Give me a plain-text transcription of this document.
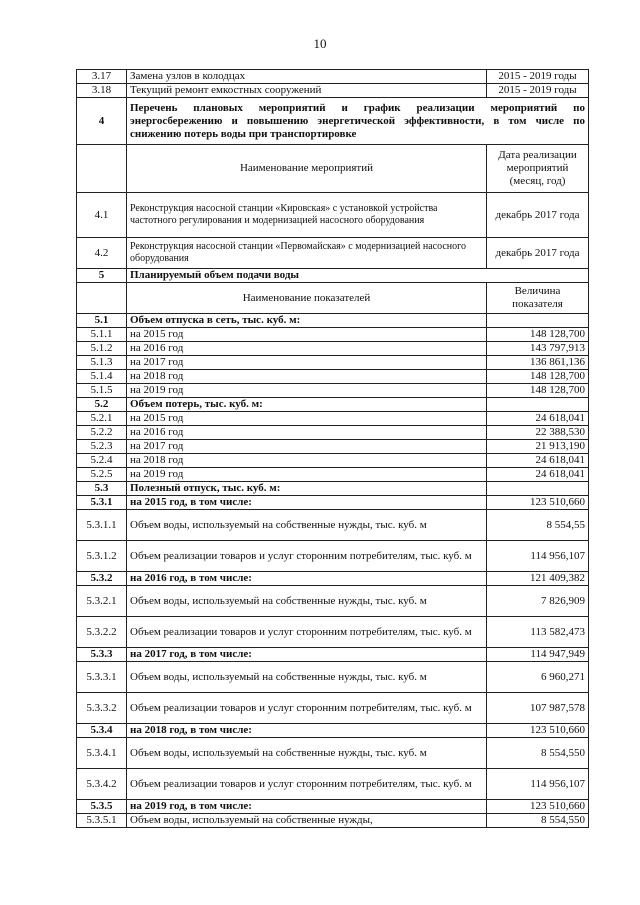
10
3.17	Замена узлов в колодцах	2015 - 2019 годы
3.18	Текущий ремонт емкостных сооружений	2015 - 2019 годы
4	Перечень плановых мероприятий и график реализации мероприятий по энергосбережению и повышению энергетической эффективности, в том числе по снижению потерь воды при транспортировке	
	Наименование мероприятий	Дата реализации мероприятий (месяц, год)
4.1	Реконструкция насосной станции «Кировская» с установкой устройства частотного регулирования и модернизацией насосного оборудования	декабрь 2017 года
4.2	Реконструкция насосной станции «Первомайская» с модернизацией насосного оборудования	декабрь 2017 года
5	Планируемый объем подачи воды	
	Наименование показателей	Величина показателя
5.1	Объем отпуска в сеть, тыс. куб. м:	
5.1.1	на 2015 год	148 128,700
5.1.2	на 2016 год	143 797,913
5.1.3	на 2017 год	136 861,136
5.1.4	на 2018 год	148 128,700
5.1.5	на 2019 год	148 128,700
5.2	Объем потерь, тыс. куб. м:	
5.2.1	на 2015 год	24 618,041
5.2.2	на 2016 год	22 388,530
5.2.3	на 2017 год	21 913,190
5.2.4	на 2018 год	24 618,041
5.2.5	на 2019 год	24 618,041
5.3	Полезный отпуск, тыс. куб. м:	
5.3.1	на 2015 год, в том числе:	123 510,660
5.3.1.1	Объем воды, используемый на собственные нужды, тыс. куб. м	8 554,55
5.3.1.2	Объем реализации товаров и услуг сторонним потребителям, тыс. куб. м	114 956,107
5.3.2	на 2016 год, в том числе:	121 409,382
5.3.2.1	Объем воды, используемый на собственные нужды, тыс. куб. м	7 826,909
5.3.2.2	Объем реализации товаров и услуг сторонним потребителям, тыс. куб. м	113 582,473
5.3.3	на 2017 год, в том числе:	114 947,949
5.3.3.1	Объем воды, используемый на собственные нужды, тыс. куб. м	6 960,271
5.3.3.2	Объем реализации товаров и услуг сторонним потребителям, тыс. куб. м	107 987,578
5.3.4	на 2018 год, в том числе:	123 510,660
5.3.4.1	Объем воды, используемый на собственные нужды, тыс. куб. м	8 554,550
5.3.4.2	Объем реализации товаров и услуг сторонним потребителям, тыс. куб. м	114 956,107
5.3.5	на 2019 год, в том числе:	123 510,660
5.3.5.1	Объем воды, используемый на собственные нужды,	8 554,550
